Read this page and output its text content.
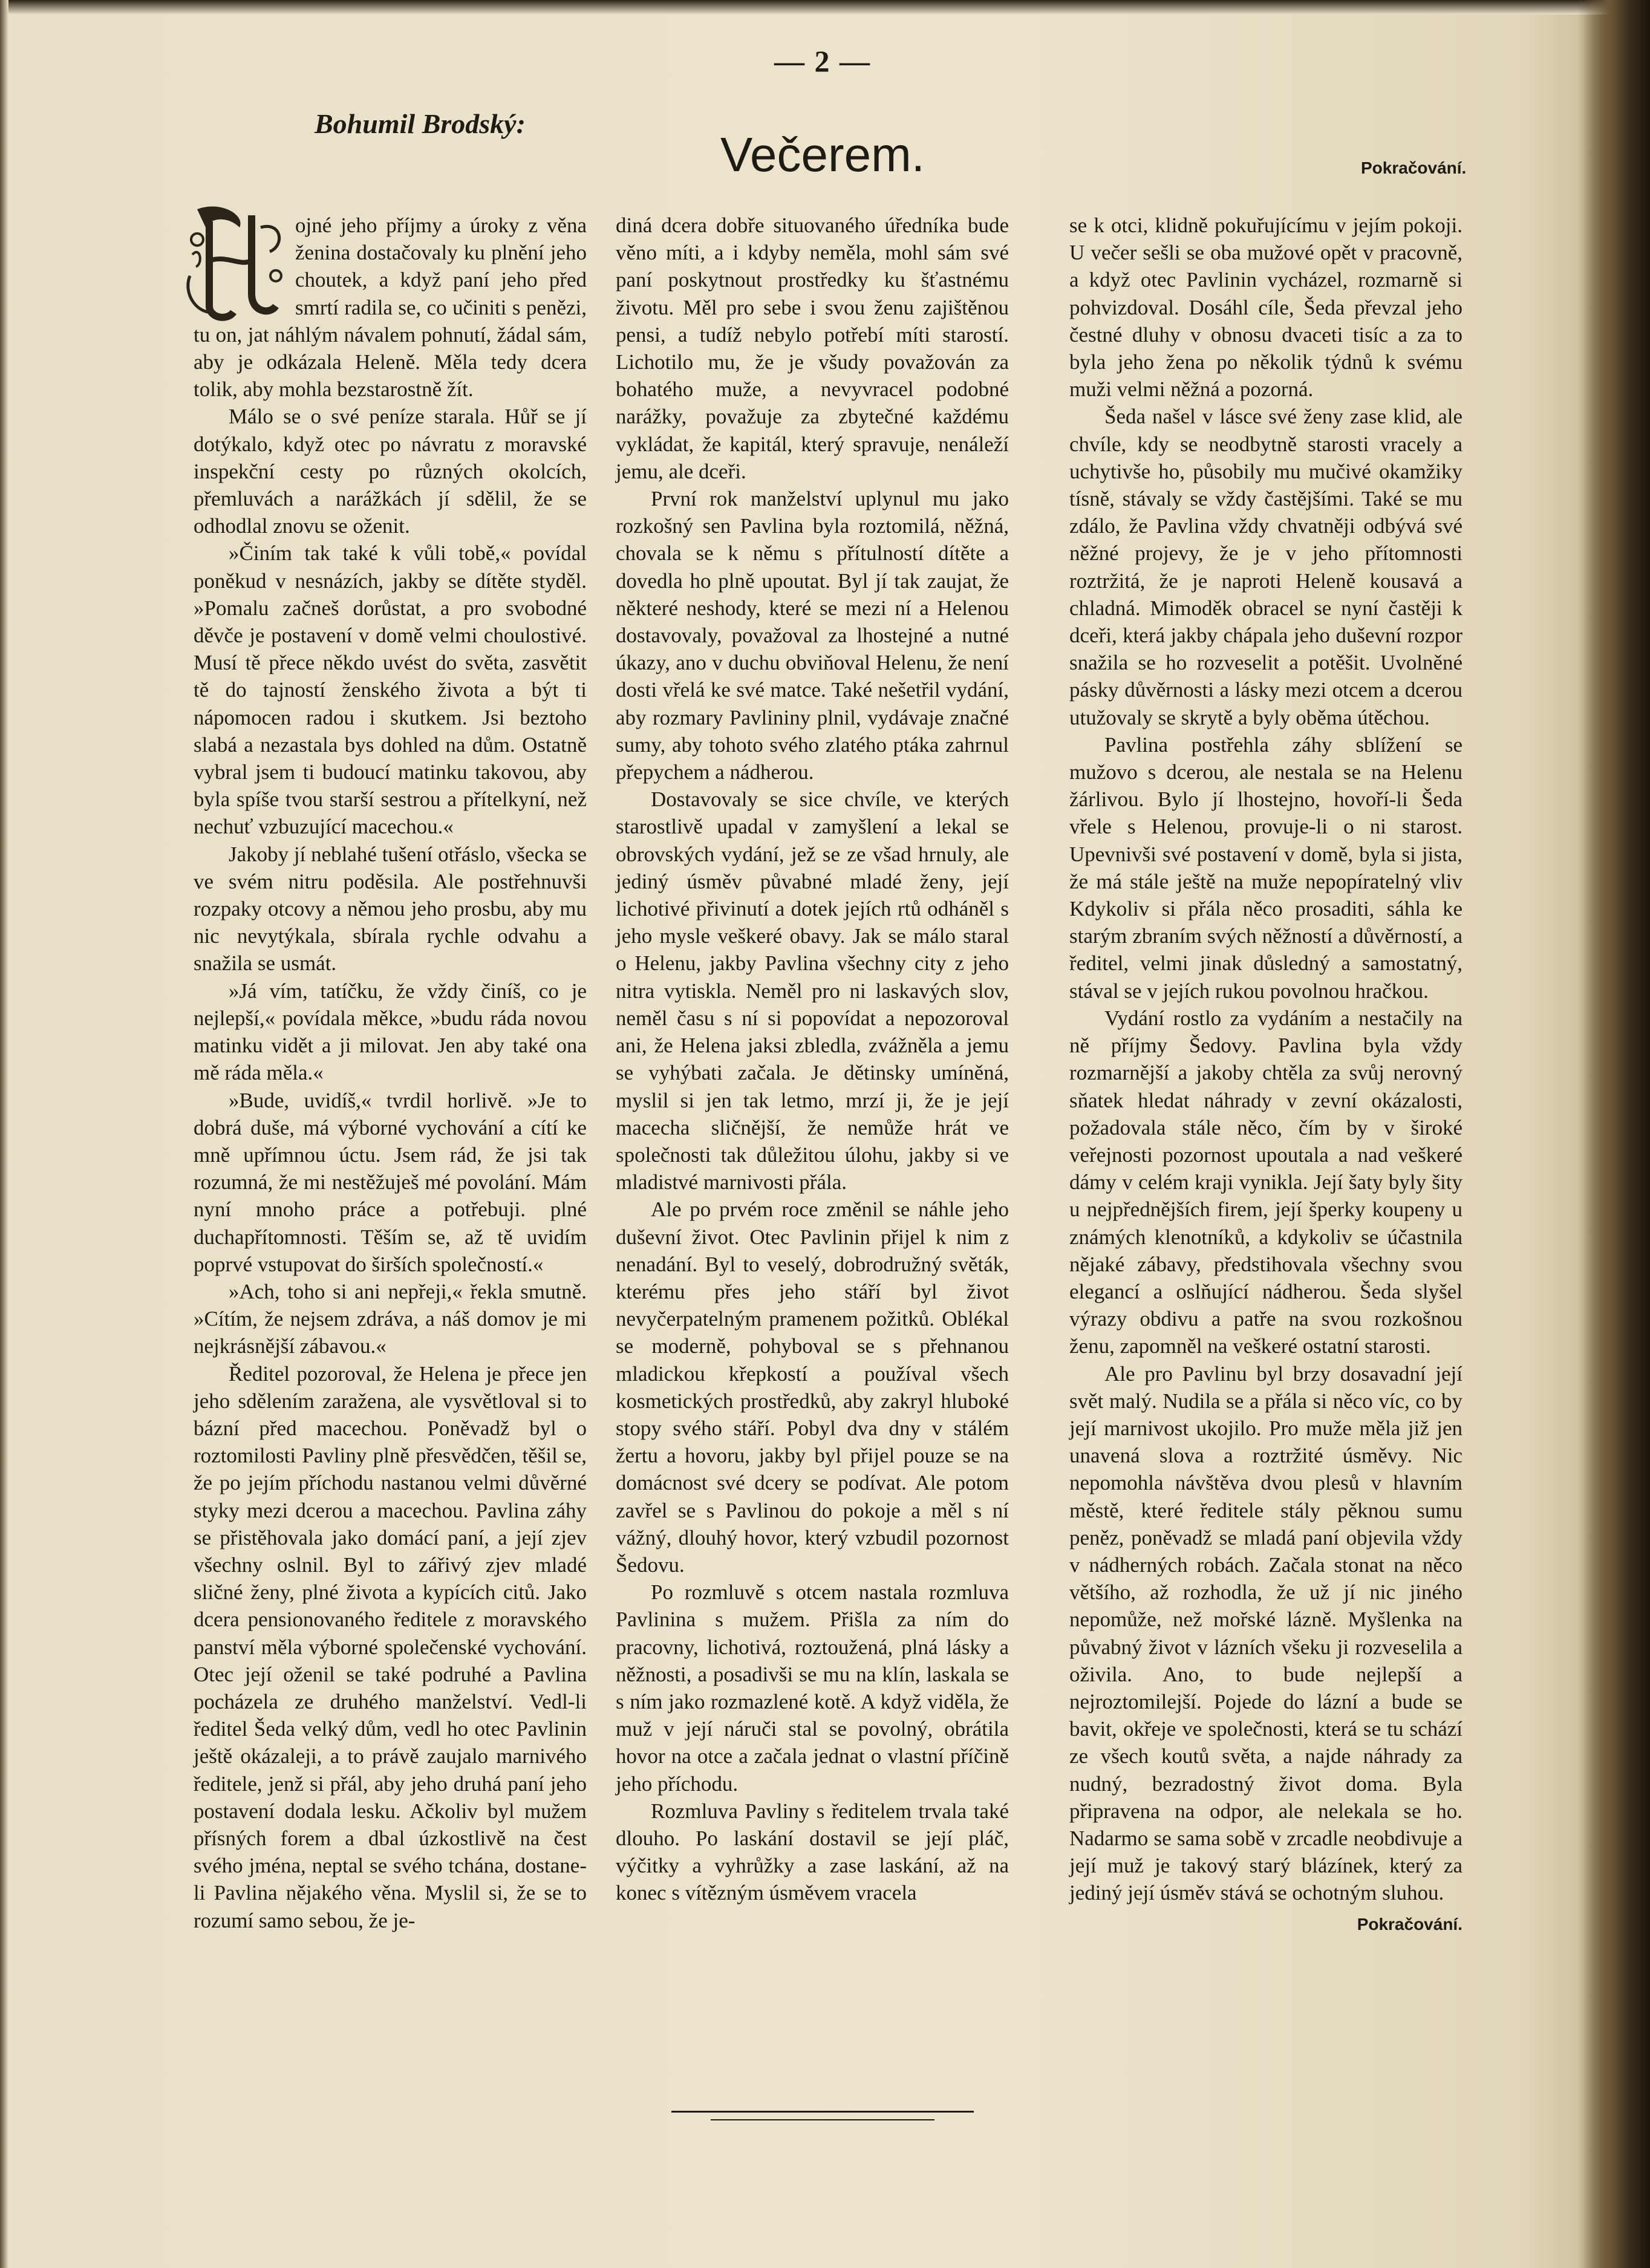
— 2 —
Bohumil Brodský:
Večerem.	Pokračování.
H

ojné jeho příjmy a úroky z věna ženina dostačovaly ku plnění jeho choutek, a když paní jeho před smrtí radila se, co učiniti s penězi, tu on, jat náhlým návalem pohnutí, žádal sám, aby je odkázala Heleně. Měla tedy dcera tolik, aby mohla bezstarostně žít.

Málo se o své peníze starala. Hůř se jí dotýkalo, když otec po návratu z moravské inspekční cesty po různých okolcích, přemluvách a narážkách jí sdělil, že se odhodlal znovu se oženit.

»Činím tak také k vůli tobě,« povídal poněkud v nesnázích, jakby se dítěte styděl. »Pomalu začneš dorůstat, a pro svobodné děvče je postavení v domě velmi choulostivé. Musí tě přece někdo uvést do světa, zasvětit tě do tajností ženského života a být ti nápomocen radou i skutkem. Jsi beztoho slabá a nezastala bys dohled na dům. Ostatně vybral jsem ti budoucí matinku takovou, aby byla spíše tvou starší sestrou a přítelkyní, než nechuť vzbuzující macechou.«

Jakoby jí neblahé tušení otřáslo, všecka se ve svém nitru poděsila. Ale postřehnuvši rozpaky otcovy a němou jeho prosbu, aby mu nic nevytýkala, sbírala rychle odvahu a snažila se usmát.

»Já vím, tatíčku, že vždy činíš, co je nejlepší,« povídala měkce, »budu ráda novou matinku vidět a ji milovat. Jen aby také ona mě ráda měla.«

»Bude, uvidíš,« tvrdil horlivě. »Je to dobrá duše, má výborné vychování a cítí ke mně upřímnou úctu. Jsem rád, že jsi tak rozumná, že mi nestěžuješ mé povolání. Mám nyní mnoho práce a potřebuji. plné duchapřítomnosti. Těším se, až tě uvidím poprvé vstupovat do širších společností.«

»Ach, toho si ani nepřeji,« řekla smutně. »Cítím, že nejsem zdráva, a náš domov je mi nejkrásnější zábavou.«

Ředitel pozoroval, že Helena je přece jen jeho sdělením zaražena, ale vysvětloval si to bázní před macechou. Poněvadž byl o roztomilosti Pavliny plně přesvědčen, těšil se, že po jejím příchodu nastanou velmi důvěrné styky mezi dcerou a macechou. Pavlina záhy se přistěhovala jako domácí paní, a její zjev všechny oslnil. Byl to zářivý zjev mladé sličné ženy, plné života a kypících citů. Jako dcera pensionovaného ředitele z moravského panství měla výborné společenské vychování. Otec její oženil se také podruhé a Pavlina pocházela ze druhého manželství. Vedl-li ředitel Šeda velký dům, vedl ho otec Pavlinin ještě okázaleji, a to právě zaujalo marnivého ředitele, jenž si přál, aby jeho druhá paní jeho postavení dodala lesku. Ačkoliv byl mužem přísných forem a dbal úzkostlivě na čest svého jména, neptal se svého tchána, dostane-li Pavlina nějakého věna. Myslil si, že se to rozumí samo sebou, že je-

diná dcera dobře situovaného úředníka bude věno míti, a i kdyby neměla, mohl sám své paní poskytnout prostředky ku šťastnému životu. Měl pro sebe i svou ženu zajištěnou pensi, a tudíž nebylo potřebí míti starostí. Lichotilo mu, že je všudy považován za bohatého muže, a nevyvracel podobné narážky, považuje za zbytečné každému vykládat, že kapitál, který spravuje, nenáleží jemu, ale dceři.

První rok manželství uplynul mu jako rozkošný sen Pavlina byla roztomilá, něžná, chovala se k němu s přítulností dítěte a dovedla ho plně upoutat. Byl jí tak zaujat, že některé neshody, které se mezi ní a Helenou dostavovaly, považoval za lhostejné a nutné úkazy, ano v duchu obviňoval Helenu, že není dosti vřelá ke své matce. Také nešetřil vydání, aby rozmary Pavlininy plnil, vydávaje značné sumy, aby tohoto svého zlatého ptáka zahrnul přepychem a nádherou.

Dostavovaly se sice chvíle, ve kterých starostlivě upadal v zamyšlení a lekal se obrovských vydání, jež se ze všad hrnuly, ale jediný úsměv půvabné mladé ženy, její lichotivé přivinutí a dotek jejích rtů odháněl s jeho mysle veškeré obavy. Jak se málo staral o Helenu, jakby Pavlina všechny city z jeho nitra vytiskla. Neměl pro ni laskavých slov, neměl času s ní si popovídat a nepozoroval ani, že Helena jaksi zbledla, zvážněla a jemu se vyhýbati začala. Je dětinsky umíněná, myslil si jen tak letmo, mrzí ji, že je její macecha sličnější, že nemůže hrát ve společnosti tak důležitou úlohu, jakby si ve mladistvé marnivosti přála.

Ale po prvém roce změnil se náhle jeho duševní život. Otec Pavlinin přijel k nim z nenadání. Byl to veselý, dobrodružný světák, kterému přes jeho stáří byl život nevyčerpatelným pramenem požitků. Oblékal se moderně, pohyboval se s přehnanou mladickou křepkostí a používal všech kosmetických prostředků, aby zakryl hluboké stopy svého stáří. Pobyl dva dny v stálém žertu a hovoru, jakby byl přijel pouze se na domácnost své dcery se podívat. Ale potom zavřel se s Pavlinou do pokoje a měl s ní vážný, dlouhý hovor, který vzbudil pozornost Šedovu.

Po rozmluvě s otcem nastala rozmluva Pavlinina s mužem. Přišla za ním do pracovny, lichotivá, roztoužená, plná lásky a něžnosti, a posadivši se mu na klín, laskala se s ním jako rozmazlené kotě. A když viděla, že muž v její náruči stal se povolný, obrátila hovor na otce a začala jednat o vlastní příčině jeho příchodu.

Rozmluva Pavliny s ředitelem trvala také dlouho. Po laskání dostavil se její pláč, výčitky a vyhrůžky a zase laskání, až na konec s vítězným úsměvem vracela

se k otci, klidně pokuřujícímu v jejím pokoji. U večer sešli se oba mužové opět v pracovně, a když otec Pavlinin vycházel, rozmarně si pohvizdoval. Dosáhl cíle, Šeda převzal jeho čestné dluhy v obnosu dvaceti tisíc a za to byla jeho žena po několik týdnů k svému muži velmi něžná a pozorná.

Šeda našel v lásce své ženy zase klid, ale chvíle, kdy se neodbytně starosti vracely a uchytivše ho, působily mu mučivé okamžiky tísně, stávaly se vždy častějšími. Také se mu zdálo, že Pavlina vždy chvatněji odbývá své něžné projevy, že je v jeho přítomnosti roztržitá, že je naproti Heleně kousavá a chladná. Mimoděk obracel se nyní častěji k dceři, která jakby chápala jeho duševní rozpor snažila se ho rozveselit a potěšit. Uvolněné pásky důvěrnosti a lásky mezi otcem a dcerou utužovaly se skrytě a byly oběma útěchou.

Pavlina postřehla záhy sblížení se mužovo s dcerou, ale nestala se na Helenu žárlivou. Bylo jí lhostejno, hovoří-li Šeda vřele s Helenou, provuje-li o ni starost. Upevnivši své postavení v domě, byla si jista, že má stále ještě na muže nepopíratelný vliv Kdykoliv si přála něco prosaditi, sáhla ke starým zbraním svých něžností a důvěrností, a ředitel, velmi jinak důsledný a samostatný, stával se v jejích rukou povolnou hračkou.

Vydání rostlo za vydáním a nestačily na ně příjmy Šedovy. Pavlina byla vždy rozmarnější a jakoby chtěla za svůj nerovný sňatek hledat náhrady v zevní okázalosti, požadovala stále něco, čím by v široké veřejnosti pozornost upoutala a nad veškeré dámy v celém kraji vynikla. Její šaty byly šity u nejpřednějších firem, její šperky koupeny u známých klenotníků, a kdykoliv se účastnila nějaké zábavy, předstihovala všechny svou elegancí a oslňující nádherou. Šeda slyšel výrazy obdivu a patře na svou rozkošnou ženu, zapomněl na veškeré ostatní starosti.

Ale pro Pavlinu byl brzy dosavadní její svět malý. Nudila se a přála si něco víc, co by její marnivost ukojilo. Pro muže měla již jen unavená slova a roztržité úsměvy. Nic nepomohla návštěva dvou plesů v hlavním městě, které ředitele stály pěknou sumu peněz, poněvadž se mladá paní objevila vždy v nádherných robách. Začala stonat na něco většího, až rozhodla, že už jí nic jiného nepomůže, než mořské lázně. Myšlenka na půvabný život v lázních všeku ji rozveselila a oživila. Ano, to bude nejlepší a nejroztomilejší. Pojede do lázní a bude se bavit, okřeje ve společnosti, která se tu schází ze všech koutů světa, a najde náhrady za nudný, bezradostný život doma. Byla připravena na odpor, ale nelekala se ho. Nadarmo se sama sobě v zrcadle neobdivuje a její muž je takový starý blázínek, který za jediný její úsměv stává se ochotným sluhou.

Pokračování.
